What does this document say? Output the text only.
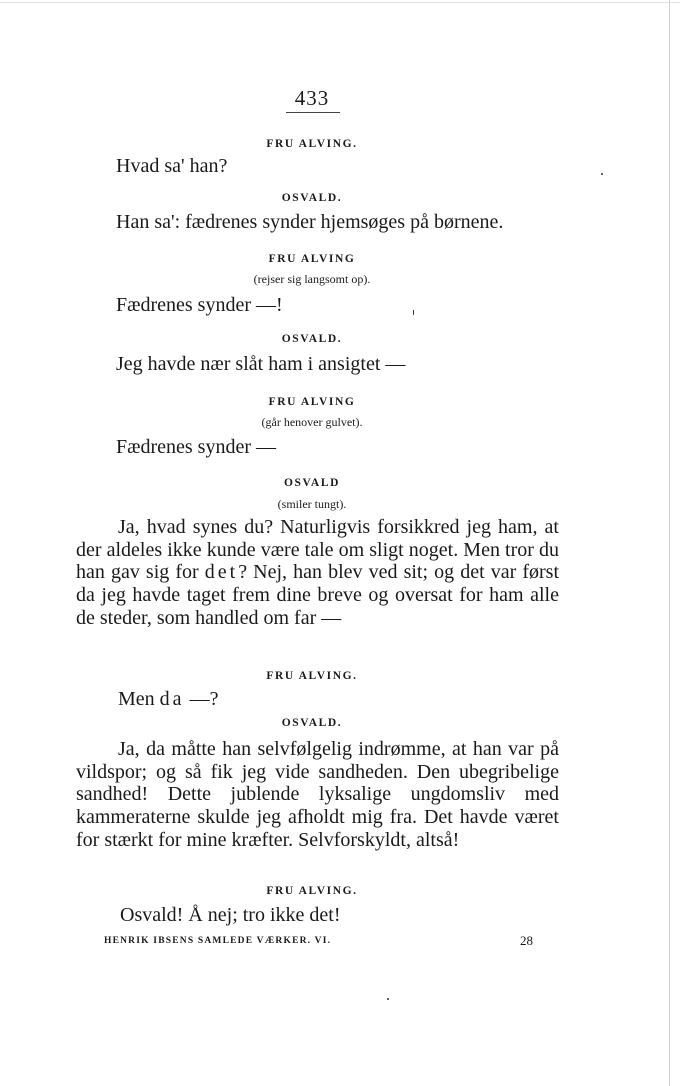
433
FRU ALVING.
Hvad sa' han?
OSVALD.
Han sa': fædrenes synder hjemsøges på børnene.
FRU ALVING
(rejser sig langsomt op).
Fædrenes synder —!
OSVALD.
Jeg havde nær slåt ham i ansigtet —
FRU ALVING
(går henover gulvet).
Fædrenes synder —
OSVALD
(smiler tungt).

Ja, hvad synes du? Naturligvis forsikkred jeg ham, at der aldeles ikke kunde være tale om sligt noget. Men tror du han gav sig for det? Nej, han blev ved sit; og det var først da jeg havde taget frem dine breve og oversat for ham alle de steder, som handled om far —

FRU ALVING.
Men da —?
OSVALD.

Ja, da måtte han selvfølgelig indrømme, at han var på vildspor; og så fik jeg vide sandheden. Den ubegribelige sandhed! Dette jublende lyksalige ungdomsliv med kammeraterne skulde jeg afholdt mig fra. Det havde været for stærkt for mine kræfter. Selvforskyldt, altså!

FRU ALVING.
Osvald! Å nej; tro ikke det!
HENRIK IBSENS SAMLEDE VÆRKER. VI.	28
